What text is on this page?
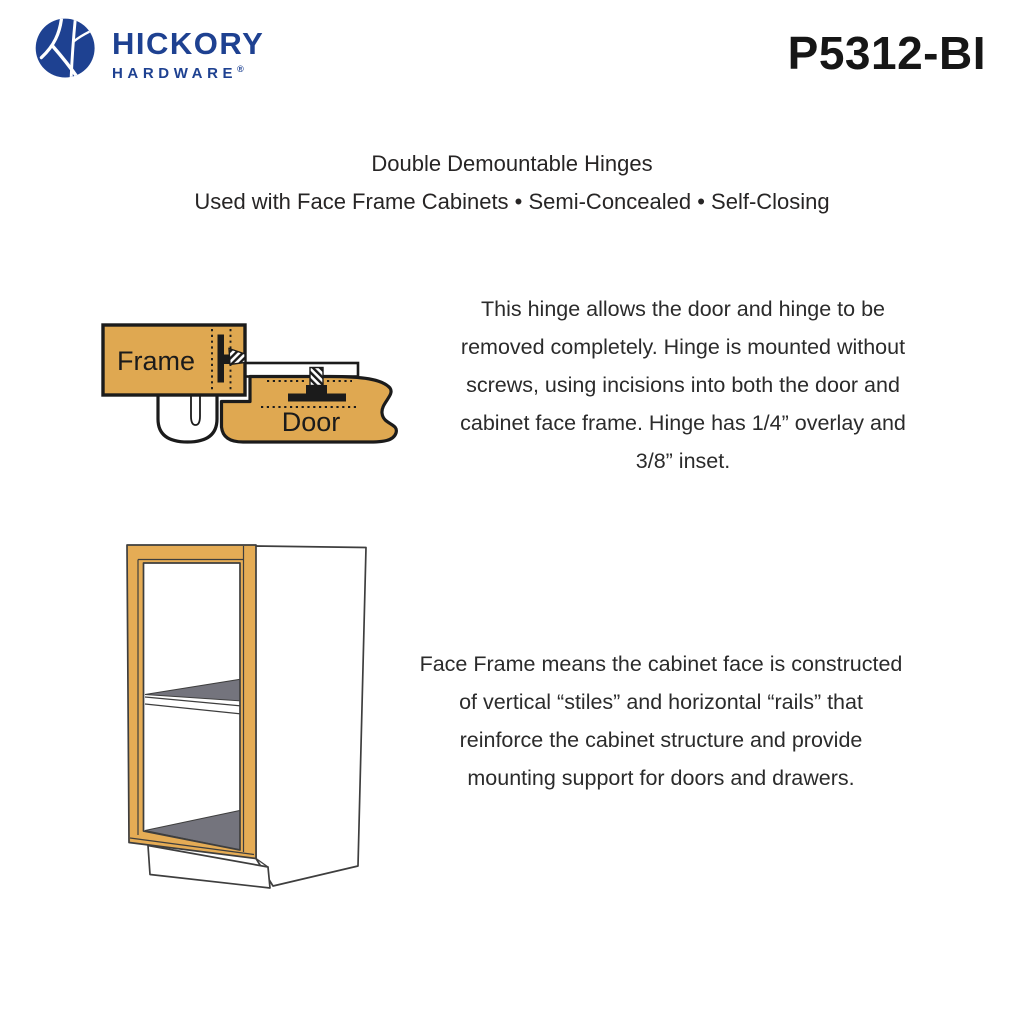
HICKORY
HARDWARE®	P5312-BI
Double Demountable Hinges
Used with Face Frame Cabinets • Semi-Concealed • Self-Closing
Frame
Door
This hinge allows the door and hinge to be
removed completely. Hinge is mounted without
screws, using incisions into both the door and
cabinet face frame. Hinge has 1/4” overlay and
3/8” inset.
Face Frame means the cabinet face is constructed
of vertical “stiles” and horizontal “rails” that
reinforce the cabinet structure and provide
mounting support for doors and drawers.
